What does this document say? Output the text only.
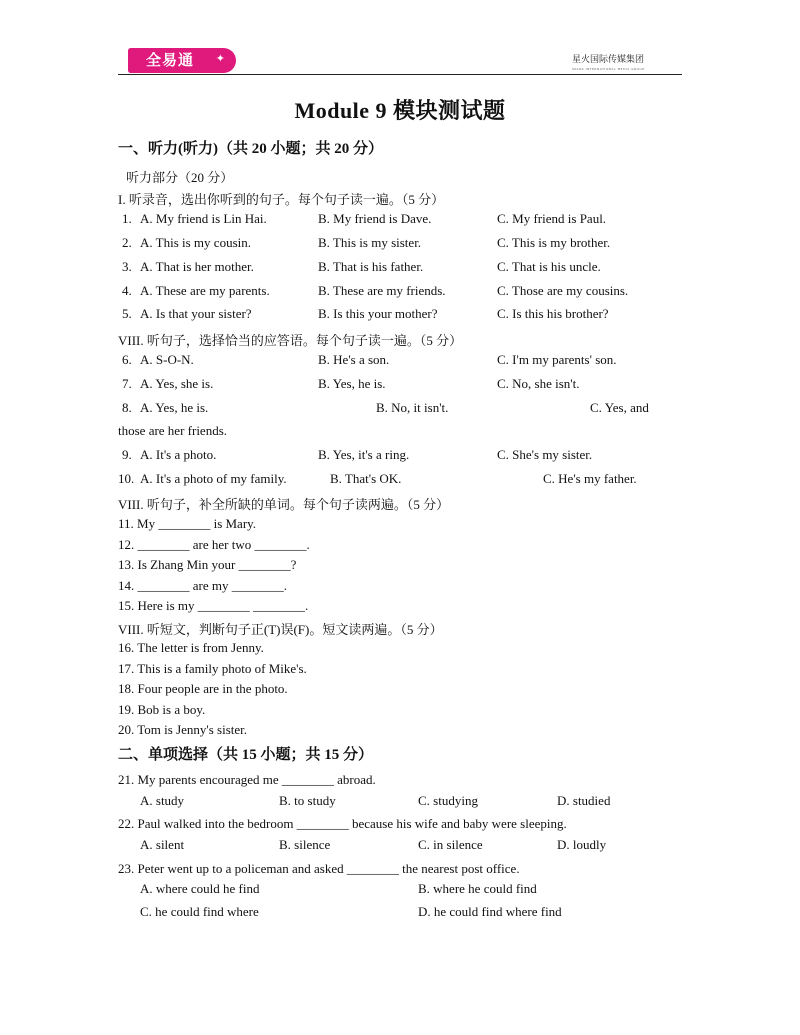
全易通 ✦	星火国际传媒集团
SPARK INTERNATIONAL MEDIA GROUP
Module 9 模块测试题
一、听力(听力)（共 20 小题；共 20 分）
听力部分（20 分）
I. 听录音，选出你听到的句子。每个句子读一遍。（5 分）
1. A. My friend is Lin Hai.	B. My friend is Dave.	C. My friend is Paul.
2. A. This is my cousin.	B. This is my sister.	C. This is my brother.
3. A. That is her mother.	B. That is his father.	C. That is his uncle.
4. A. These are my parents.	B. These are my friends.	C. Those are my cousins.
5. A. Is that your sister?	B. Is this your mother?	C. Is this his brother?
VIII. 听句子，选择恰当的应答语。每个句子读一遍。（5 分）
6. A. S-O-N.	B. He's a son.	C. I'm my parents' son.
7. A. Yes, she is.	B. Yes, he is.	C. No, she isn't.
8. A. Yes, he is.	B. No, it isn't.	C. Yes, and
those are her friends.
9. A. It's a photo.	B. Yes, it's a ring.	C. She's my sister.
10. A. It's a photo of my family.	B. That's OK.	C. He's my father.
VIII. 听句子，补全所缺的单词。每个句子读两遍。（5 分）
11. My ________ is Mary.
12. ________ are her two ________.
13. Is Zhang Min your ________?
14. ________ are my ________.
15. Here is my ________ ________.
VIII. 听短文，判断句子正(T)误(F)。短文读两遍。（5 分）
16. The letter is from Jenny.
17. This is a family photo of Mike's.
18. Four people are in the photo.
19. Bob is a boy.
20. Tom is Jenny's sister.
二、单项选择（共 15 小题；共 15 分）
21. My parents encouraged me ________ abroad.
A. study	B. to study	C. studying	D. studied
22. Paul walked into the bedroom ________ because his wife and baby were sleeping.
A. silent	B. silence	C. in silence	D. loudly
23. Peter went up to a policeman and asked ________ the nearest post office.
A. where could he find	B. where he could find
C. he could find where	D. he could find where find
